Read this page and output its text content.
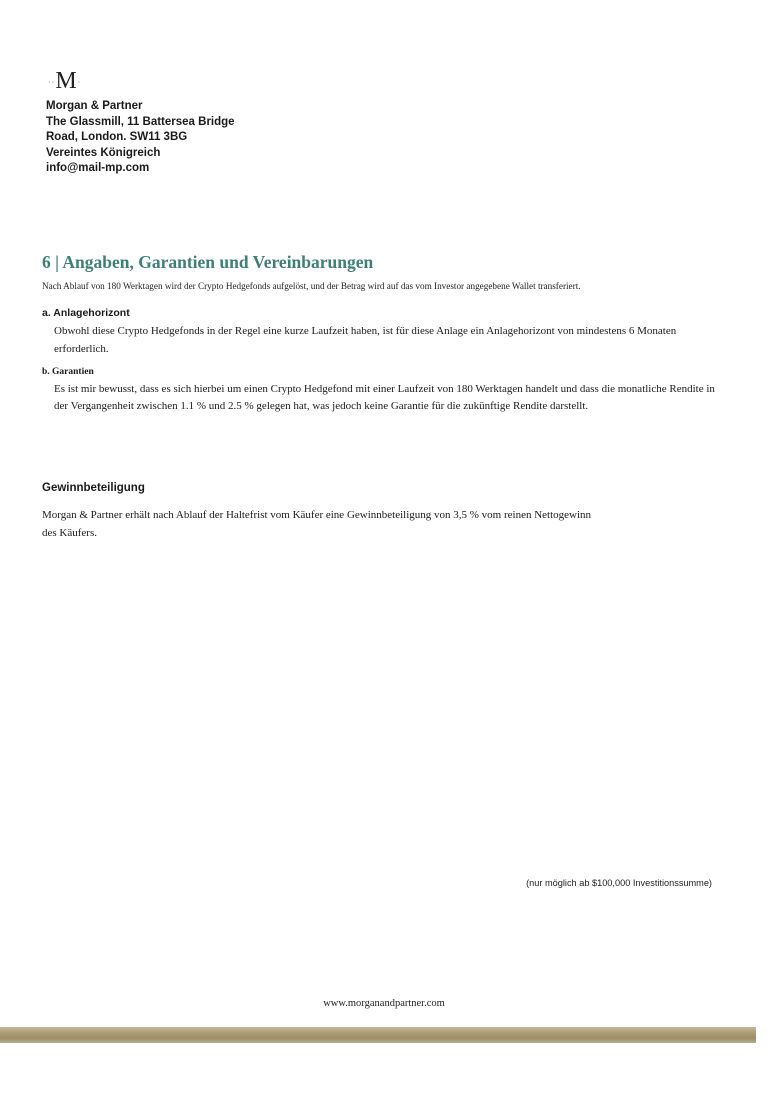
··M·
Morgan & Partner
The Glassmill, 11 Battersea Bridge
Road, London. SW11 3BG
Vereintes Königreich
info@mail-mp.com
6 | Angaben, Garantien und Vereinbarungen
Nach Ablauf von 180 Werktagen wird der Crypto Hedgefonds aufgelöst, und der Betrag wird auf das vom Investor angegebene Wallet transferiert.
a. Anlagehorizont
Obwohl diese Crypto Hedgefonds in der Regel eine kurze Laufzeit haben, ist für diese Anlage ein Anlagehorizont von mindestens 6 Monaten erforderlich.
b. Garantien
Es ist mir bewusst, dass es sich hierbei um einen Crypto Hedgefond mit einer Laufzeit von 180 Werktagen handelt und dass die monatliche Rendite in der Vergangenheit zwischen 1.1 % und 2.5 % gelegen hat, was jedoch keine Garantie für die zukünftige Rendite darstellt.
Gewinnbeteiligung
Morgan & Partner erhält nach Ablauf der Haltefrist vom Käufer eine Gewinnbeteiligung von 3,5 % vom reinen Nettogewinn des Käufers.
(nur möglich ab $100,000 Investitionssumme)
www.morganandpartner.com
